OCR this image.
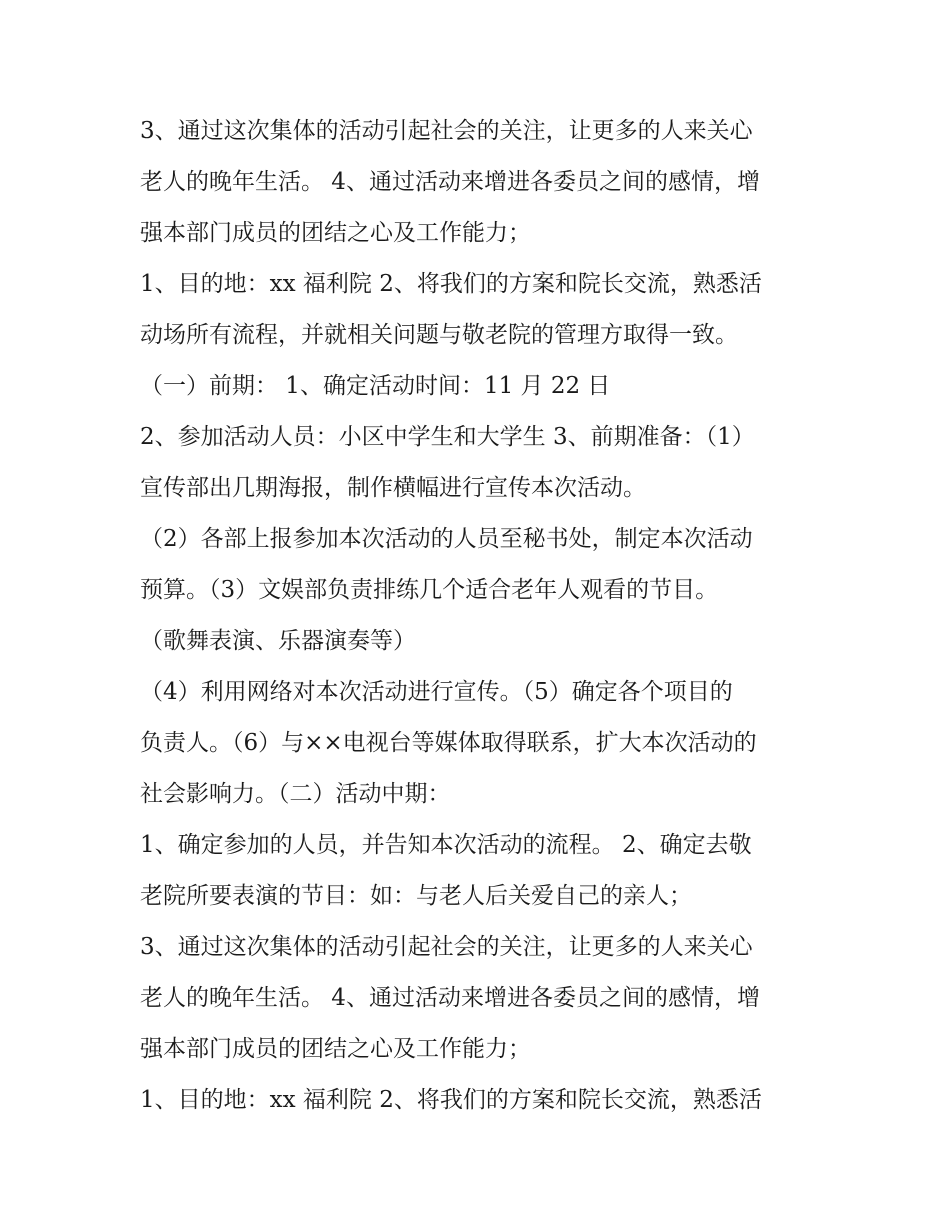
3、通过这次集体的活动引起社会的关注，让更多的人来关心
老人的晚年生活。 4、通过活动来增进各委员之间的感情，增
强本部门成员的团结之心及工作能力；
1、目的地：xx 福利院 2、将我们的方案和院长交流，熟悉活
动场所有流程，并就相关问题与敬老院的管理方取得一致。
（一）前期： 1、确定活动时间：11 月 22 日
2、参加活动人员：小区中学生和大学生 3、前期准备：（1）
宣传部出几期海报，制作横幅进行宣传本次活动。
（2）各部上报参加本次活动的人员至秘书处，制定本次活动
预算。（3）文娱部负责排练几个适合老年人观看的节目。
（歌舞表演、乐器演奏等）
（4）利用网络对本次活动进行宣传。（5）确定各个项目的
负责人。（6）与××电视台等媒体取得联系，扩大本次活动的
社会影响力。（二）活动中期：
1、确定参加的人员，并告知本次活动的流程。 2、确定去敬
老院所要表演的节目：如：与老人后关爱自己的亲人；
3、通过这次集体的活动引起社会的关注，让更多的人来关心
老人的晚年生活。 4、通过活动来增进各委员之间的感情，增
强本部门成员的团结之心及工作能力；
1、目的地：xx 福利院 2、将我们的方案和院长交流，熟悉活
